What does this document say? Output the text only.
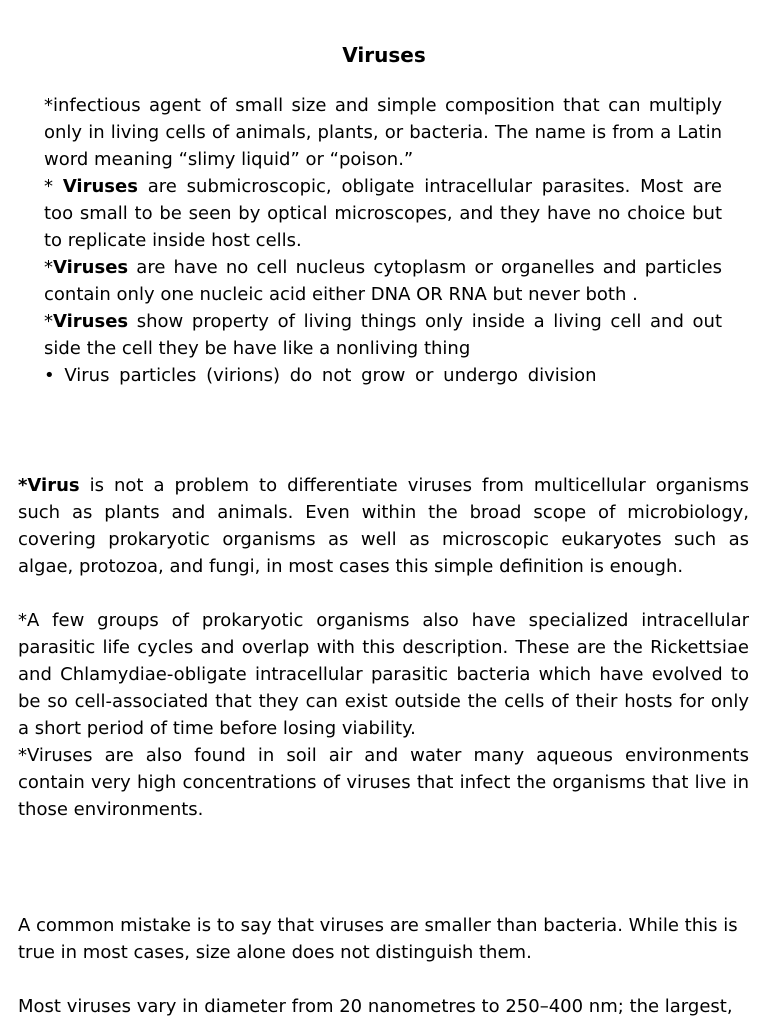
Viruses

*infectious agent of small size and simple composition that can multiply only in living cells of animals, plants, or bacteria. The name is from a Latin word meaning “slimy liquid” or “poison.”

* Viruses are submicroscopic, obligate intracellular parasites. Most are too small to be seen by optical microscopes, and they have no choice but to replicate inside host cells.

*Viruses are have no cell nucleus cytoplasm or organelles and particles contain only one nucleic acid either DNA OR RNA but never both .

*Viruses show property of living things only inside a living cell and out side the cell they be have like a nonliving thing

• Virus particles (virions) do not grow or undergo division

*Virus is not a problem to differentiate viruses from multicellular organisms such as plants and animals. Even within the broad scope of microbiology, covering prokaryotic organisms as well as microscopic eukaryotes such as algae, protozoa, and fungi, in most cases this simple definition is enough.

*A few groups of prokaryotic organisms also have specialized intracellular parasitic life cycles and overlap with this description. These are the Rickettsiae and Chlamydiae-obligate intracellular parasitic bacteria which have evolved to be so cell-associated that they can exist outside the cells of their hosts for only a short period of time before losing viability.

*Viruses are also found in soil air and water many aqueous environments contain very high concentrations of viruses that infect the organisms that live in those environments.

A common mistake is to say that viruses are smaller than bacteria. While this is true in most cases, size alone does not distinguish them.

Most viruses vary in diameter from 20 nanometres to 250–400 nm; the largest,
